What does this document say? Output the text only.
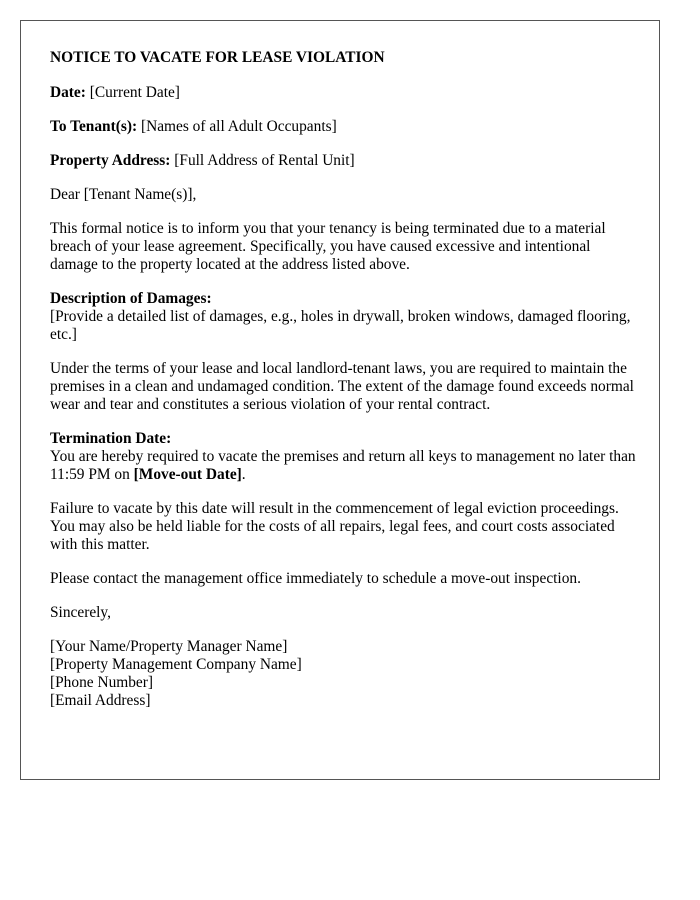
NOTICE TO VACATE FOR LEASE VIOLATION
Date: [Current Date]
To Tenant(s): [Names of all Adult Occupants]
Property Address: [Full Address of Rental Unit]
Dear [Tenant Name(s)],
This formal notice is to inform you that your tenancy is being terminated due to a material breach of your lease agreement. Specifically, you have caused excessive and intentional damage to the property located at the address listed above.
Description of Damages:
[Provide a detailed list of damages, e.g., holes in drywall, broken windows, damaged flooring, etc.]
Under the terms of your lease and local landlord-tenant laws, you are required to maintain the premises in a clean and undamaged condition. The extent of the damage found exceeds normal wear and tear and constitutes a serious violation of your rental contract.
Termination Date:
You are hereby required to vacate the premises and return all keys to management no later than 11:59 PM on [Move-out Date].
Failure to vacate by this date will result in the commencement of legal eviction proceedings. You may also be held liable for the costs of all repairs, legal fees, and court costs associated with this matter.
Please contact the management office immediately to schedule a move-out inspection.
Sincerely,
[Your Name/Property Manager Name]
[Property Management Company Name]
[Phone Number]
[Email Address]
